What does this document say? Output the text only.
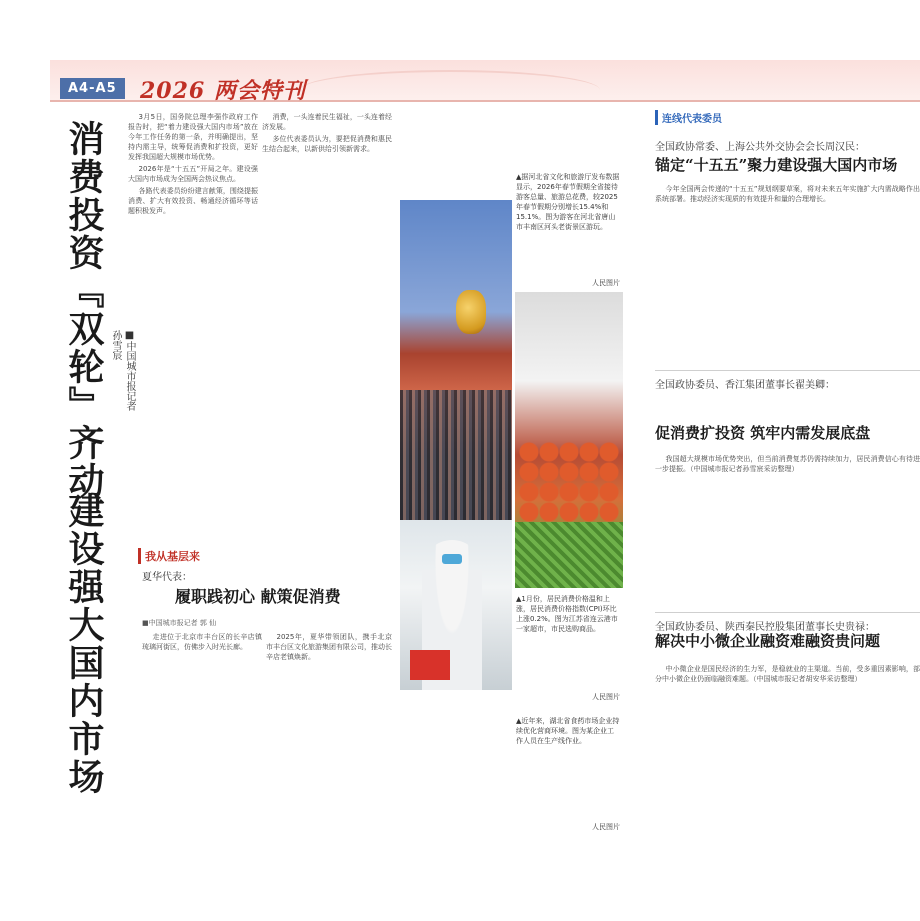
A4-A5	2026 两会特刊
消费投资『双轮』齐动
建设强大国内市场
■中国城市报记者
孙雪宸

3月5日，国务院总理李强作政府工作报告时，把“着力建设强大国内市场”放在今年工作任务的第一条，并明确提出，坚持内需主导，统筹促消费和扩投资，更好发挥我国超大规模市场优势。

2026年是“十五五”开局之年。建设强大国内市场成为全国两会热议焦点。

各路代表委员纷纷建言献策，围绕提振消费、扩大有效投资、畅通经济循环等话题积极发声。

消费，一头连着民生福祉，一头连着经济发展。

多位代表委员认为，要把促消费和惠民生结合起来，以新供给引领新需求。

我从基层来
夏华代表：
履职践初心 献策促消费
■中国城市报记者 郭 仙

走进位于北京市丰台区的长辛店镇琉璃河街区，仿佛步入时光长廊。

2025年，夏华带领团队，携手北京市丰台区文化旅游集团有限公司，推动长辛店老镇焕新。

▲据河北省文化和旅游厅发布数据显示，2026年春节假期全省接待游客总量、旅游总花费，较2025年春节假期分别增长15.4%和15.1%。图为游客在河北省唐山市丰南区河头老街景区游玩。
人民图片
▲1月份，居民消费价格温和上涨，居民消费价格指数(CPI)环比上涨0.2%。图为江苏省连云港市一家超市，市民选购商品。
人民图片
▲近年来，湖北省食药市场企业持续优化营商环境。图为某企业工作人员在生产线作业。
人民图片
连线代表委员
全国政协常委、上海公共外交协会会长周汉民：
锚定“十五五”聚力建设强大国内市场

今年全国两会传递的“十五五”规划纲要草案，将对未来五年实施扩大内需战略作出系统部署。推动经济实现质的有效提升和量的合理增长。

全国政协委员、香江集团董事长翟美卿：
促消费扩投资 筑牢内需发展底盘

我国超大规模市场优势突出，但当前消费复苏仍需持续加力，居民消费信心有待进一步提振。（中国城市报记者孙雪宸采访整理）

全国政协委员、陕西秦民控股集团董事长史贵禄：
解决中小微企业融资难融资贵问题

中小微企业是国民经济的生力军，是稳就业的主渠道。当前，受多重因素影响，部分中小微企业仍面临融资难题。（中国城市报记者胡安华采访整理）
